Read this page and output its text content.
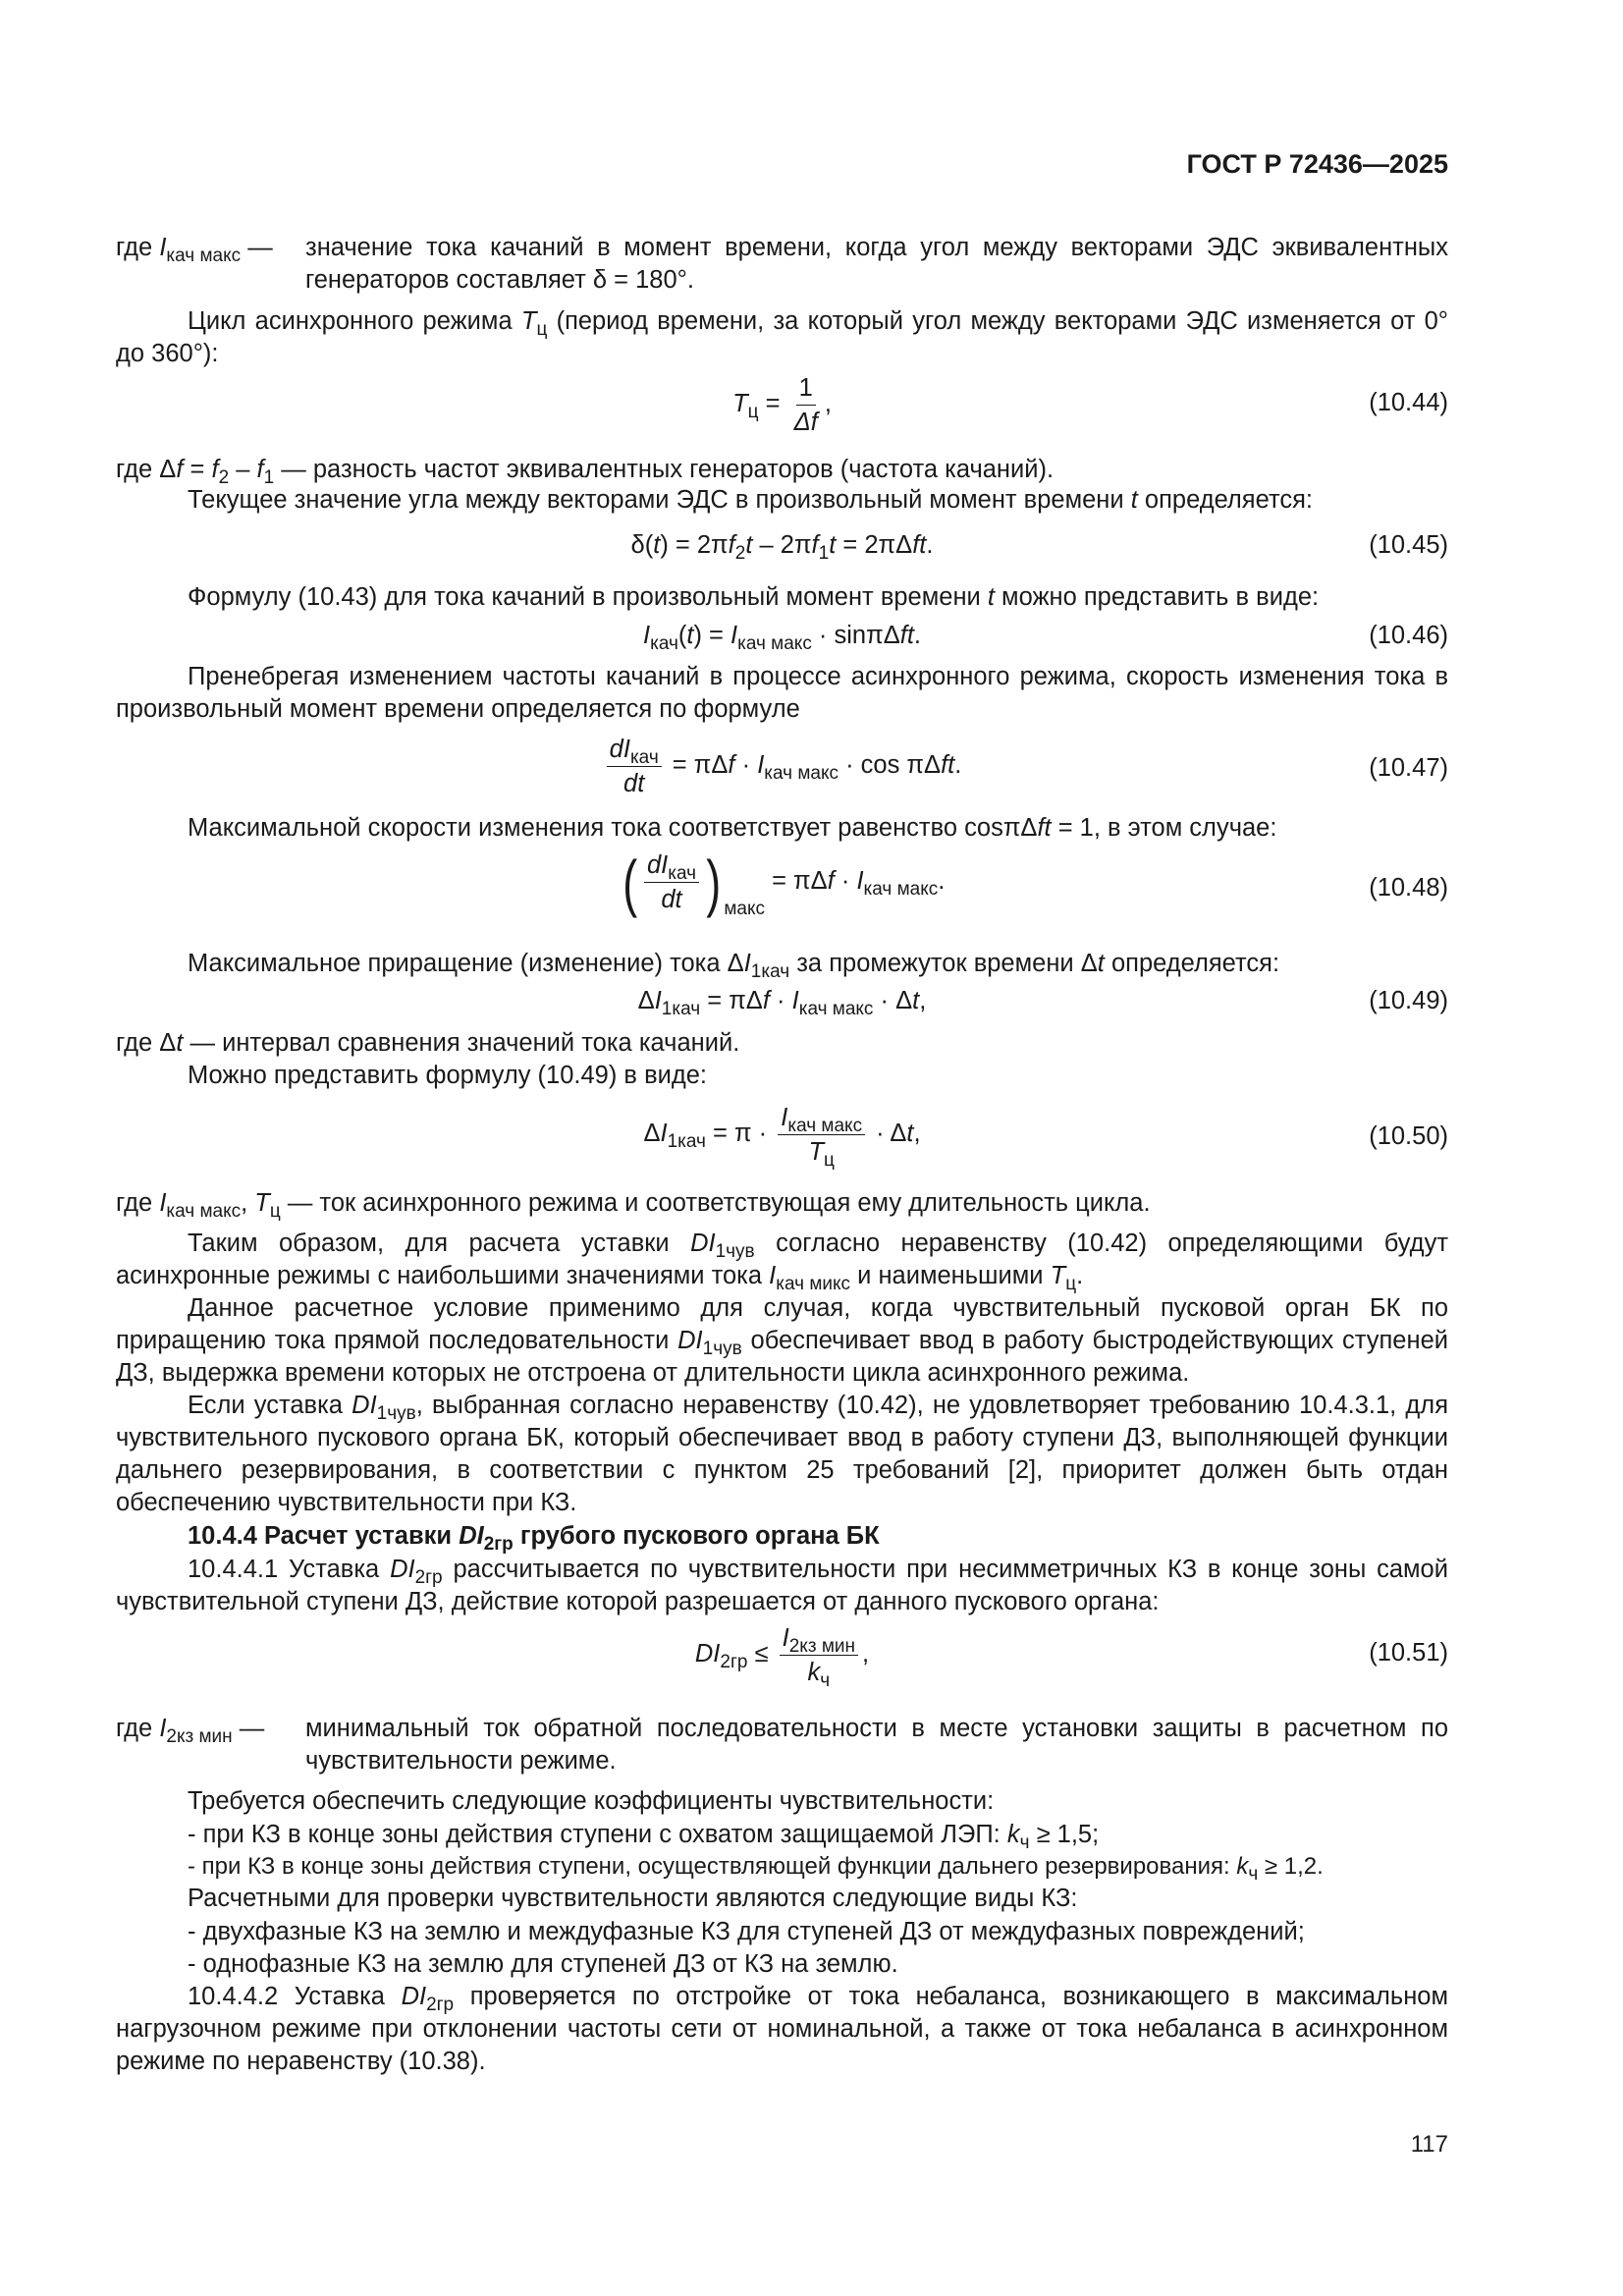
ГОСТ Р 72436—2025
где $I_{кач макс}$ — значение тока качаний в момент времени, когда угол между векторами ЭДС эквивалентных генераторов составляет δ = 180°.
Цикл асинхронного режима $T_ц$ (период времени, за который угол между векторами ЭДС изменяется от 0° до 360°):
$T_ц = \frac{1}{\Delta f}$ ,	(10.44)
где $\Delta f = f_2 - f_1$ — разность частот эквивалентных генераторов (частота качаний).
Текущее значение угла между векторами ЭДС в произвольный момент времени t определяется:
$\delta(t) = 2\pi f_2t - 2\pi f_1t = 2\pi\Delta ft$.	(10.45)
Формулу (10.43) для тока качаний в произвольный момент времени t можно представить в виде:
$I_{кач}(t) = I_{кач макс} \cdot \sin\pi\Delta ft$.	(10.46)
Пренебрегая изменением частоты качаний в процессе асинхронного режима, скорость изменения тока в произвольный момент времени определяется по формуле
$\frac{dI_{кач}}{dt} = \pi\Delta f \cdot I_{кач макс} \cdot \cos \pi\Delta ft$.	(10.47)
Максимальной скорости изменения тока соответствует равенство cosπΔft = 1, в этом случае:
( $\frac{dI_{кач}}{dt}$ ) $_{макс} = \pi\Delta f \cdot I_{кач макс}$.	(10.48)
Максимальное приращение (изменение) тока $\Delta I_{1кач}$ за промежуток времени Δt определяется:
$\Delta I_{1кач} = \pi\Delta f \cdot I_{кач макс} \cdot \Delta t$,	(10.49)
где Δt — интервал сравнения значений тока качаний.
Можно представить формулу (10.49) в виде:
$\Delta I_{1кач} = \pi \cdot \frac{I_{кач макс}}{T_ц} \cdot \Delta t$,	(10.50)
где $I_{кач макс}$, $T_ц$ — ток асинхронного режима и соответствующая ему длительность цикла.
Таким образом, для расчета уставки $DI_{1чув}$ согласно неравенству (10.42) определяющими будут асинхронные режимы с наибольшими значениями тока $I_{кач микс}$ и наименьшими $T_ц$.
Данное расчетное условие применимо для случая, когда чувствительный пусковой орган БК по приращению тока прямой последовательности $DI_{1чув}$ обеспечивает ввод в работу быстродействующих ступеней ДЗ, выдержка времени которых не отстроена от длительности цикла асинхронного режима.
Если уставка $DI_{1чув}$, выбранная согласно неравенству (10.42), не удовлетворяет требованию 10.4.3.1, для чувствительного пускового органа БК, который обеспечивает ввод в работу ступени ДЗ, выполняющей функции дальнего резервирования, в соответствии с пунктом 25 требований [2], приоритет должен быть отдан обеспечению чувствительности при КЗ.
10.4.4 Расчет уставки $DI_{2гр}$ грубого пускового органа БК
10.4.4.1 Уставка $DI_{2гр}$ рассчитывается по чувствительности при несимметричных КЗ в конце зоны самой чувствительной ступени ДЗ, действие которой разрешается от данного пускового органа:
$DI_{2гр} \le \frac{I_{2кз мин}}{k_ч}$ ,	(10.51)
где $I_{2кз мин}$ — минимальный ток обратной последовательности в месте установки защиты в расчетном по чувствительности режиме.
Требуется обеспечить следующие коэффициенты чувствительности:
- при КЗ в конце зоны действия ступени с охватом защищаемой ЛЭП: $k_ч \ge 1,5$;
- при КЗ в конце зоны действия ступени, осуществляющей функции дальнего резервирования: $k_ч \ge 1,2$.
Расчетными для проверки чувствительности являются следующие виды КЗ:
- двухфазные КЗ на землю и междуфазные КЗ для ступеней ДЗ от междуфазных повреждений;
- однофазные КЗ на землю для ступеней ДЗ от КЗ на землю.
10.4.4.2 Уставка $DI_{2гр}$ проверяется по отстройке от тока небаланса, возникающего в максимальном нагрузочном режиме при отклонении частоты сети от номинальной, а также от тока небаланса в асинхронном режиме по неравенству (10.38).
117
